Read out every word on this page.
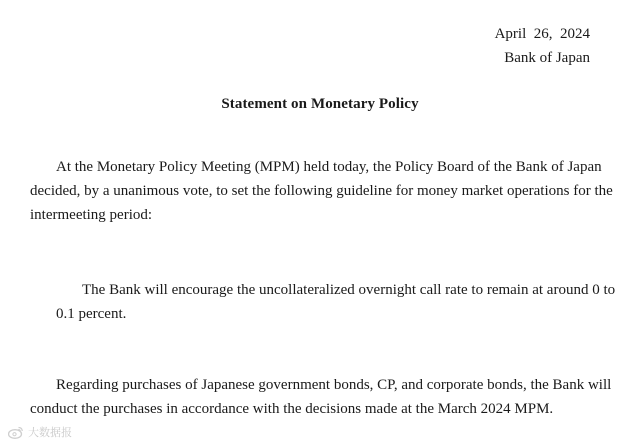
April  26,  2024
Bank of Japan
Statement on Monetary Policy
At the Monetary Policy Meeting (MPM) held today, the Policy Board of the Bank of Japan
decided, by a unanimous vote, to set the following guideline for money market operations for the
intermeeting period:
The Bank will encourage the uncollateralized overnight call rate to remain at around 0 to
0.1 percent.
Regarding purchases of Japanese government bonds, CP, and corporate bonds, the Bank will
conduct the purchases in accordance with the decisions made at the March 2024 MPM.
大数据报
